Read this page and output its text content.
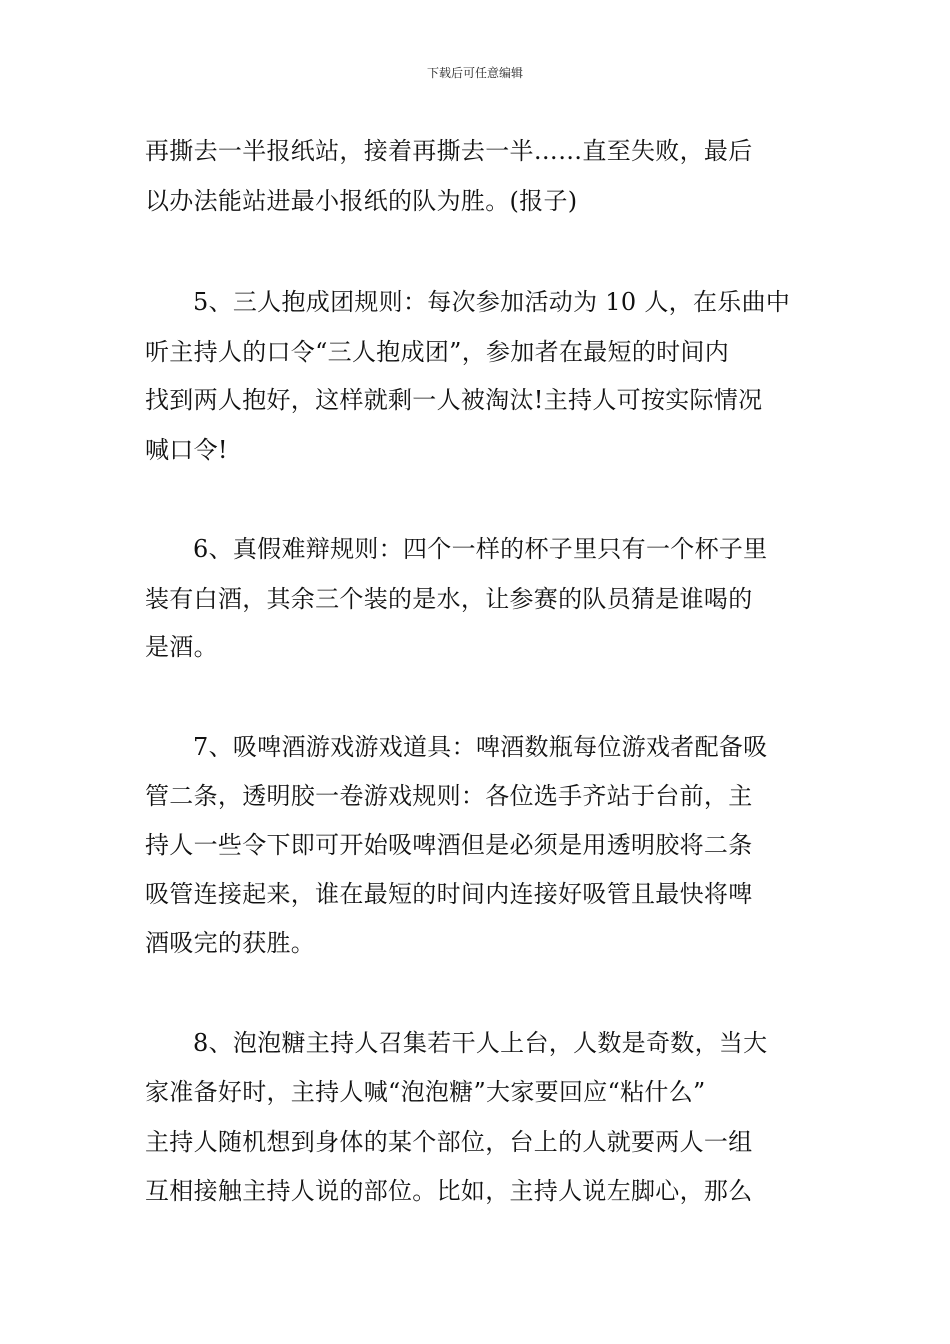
下载后可任意编辑
再撕去一半报纸站，接着再撕去一半……直至失败，最后
以办法能站进最小报纸的队为胜。(报子)
5、三人抱成团规则：每次参加活动为 10 人，在乐曲中
听主持人的口令“三人抱成团”，参加者在最短的时间内
找到两人抱好，这样就剩一人被淘汰!主持人可按实际情况
喊口令!
6、真假难辩规则：四个一样的杯子里只有一个杯子里
装有白酒，其余三个装的是水，让参赛的队员猜是谁喝的
是酒。
7、吸啤酒游戏游戏道具：啤酒数瓶每位游戏者配备吸
管二条，透明胶一卷游戏规则：各位选手齐站于台前，主
持人一些令下即可开始吸啤酒但是必须是用透明胶将二条
吸管连接起来，谁在最短的时间内连接好吸管且最快将啤
酒吸完的获胜。
8、泡泡糖主持人召集若干人上台，人数是奇数，当大
家准备好时，主持人喊“泡泡糖”大家要回应“粘什么”
主持人随机想到身体的某个部位，台上的人就要两人一组
互相接触主持人说的部位。比如，主持人说左脚心，那么
